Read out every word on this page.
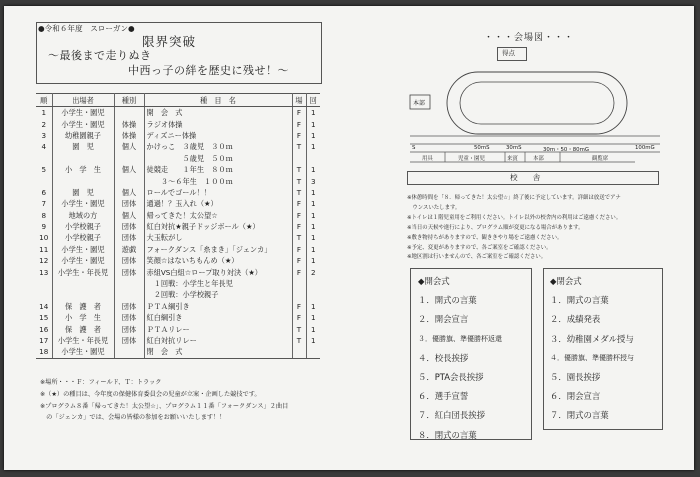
●令和６年度　スローガン●
限界突破
～最後まで走りぬき
中西っ子の絆を歴史に残せ！～
順	出場者	種別	種　目　名	場	回
1	小学生・園児		開　会　式	F	1
2	小学生・園児	体操	ラジオ体操	F	1
3	幼稚園親子	体操	ディズニー体操	F	1
4	園　児	個人	かけっこ　３歳児　３０ｍ	T	1
			　　　　　５歳児　５０ｍ		
5	小　学　生	個人	徒競走　　１年生　８０ｍ	T	1
			　　３～６年生　１００ｍ	T	3
6	園　児	個人	ロールでゴール！！	T	1
7	小学生・園児	団体	通過！？玉入れ（★）	F	1
8	地域の方	個人	帰ってきた！太公望☆	F	1
9	小学校親子	団体	紅白対抗★親子ドッジボール（★）	F	1
10	小学校親子	団体	大玉転がし	T	1
11	小学生・園児	遊戯	フォークダンス「糸まき」「ジェンカ」	F	1
12	小学生・園児	団体	笑顔☆はないちもんめ（★）	F	1
13	小学生・年長児	団体	赤組VS白組☆ロープ取り対決（★）	F	2
			　１回戦：小学生と年長児		
			　２回戦：小学校親子		
14	保　護　者	団体	ＰＴＡ綱引き	F	1
15	小　学　生	団体	紅白綱引き	F	1
16	保　護　者	団体	ＰＴＡリレー	T	1
17	小学生・年長児	団体	紅白対抗リレー	T	1
18	小学生・園児		閉　会　式		
※場所・・・Ｆ：フィールド、Ｔ：トラック
※（★）の種目は、今年度の保健体育委員会の児童が立案・企画した競技です。
※プログラム８番「帰ってきた！太公望☆」、プログラム１１番「フォークダンス」２曲目
　の「ジェンカ」では、会場の皆様の参加をお願いいたします！！
・・・会場図・・・
得点
本部
S	50mS	30mS	30m・50・80mG	100mG
用具	児童・園児	来賓	本部	観覧席
校　　舎
※休憩時間を「８．帰ってきた！太公望☆」終了後に予定しています。詳細は放送でアナ
　ウンスいたします。
※トイレは１階児童用をご利用ください。トイレ以外の校舎内の利用はご遠慮ください。
※当日の天候や進行により、プログラム順が変更になる場合があります。
※敷き物持ちがありますので、観ききやり場をご遠慮ください。
※予定、変更がありますので、各ご案室をご確認ください。
※地区割は行いませんので、各ご案室をご確認ください。
◆開会式
１．開式の言葉
２．開会宣言
３．優勝旗、準優勝杯返還
４．校長挨拶
５．PTA会長挨拶
６．選手宣誓
７．紅白団長挨拶
８．閉式の言葉
◆閉会式
１．開式の言葉
２．成績発表
３．幼稚園メダル授与
４．優勝旗、準優勝杯授与
５．園長挨拶
６．閉会宣言
７．閉式の言葉
